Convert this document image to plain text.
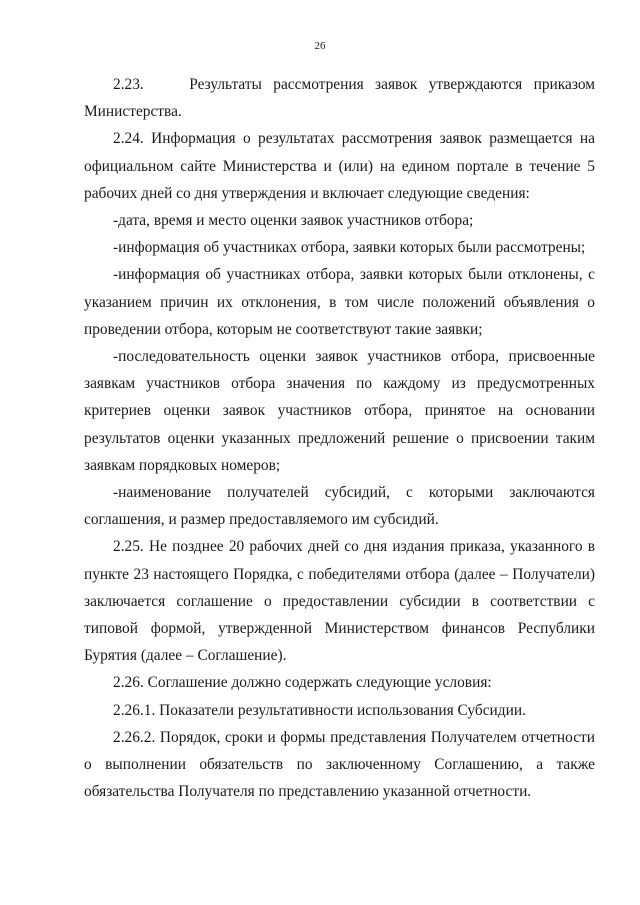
26

2.23.    Результаты рассмотрения заявок утверждаются приказом Министерства.

2.24. Информация о результатах рассмотрения заявок размещается на официальном сайте Министерства и (или) на едином портале в течение 5 рабочих дней со дня утверждения и включает следующие сведения:

-дата, время и место оценки заявок участников отбора;

-информация об участниках отбора, заявки которых были рассмотрены;

-информация об участниках отбора, заявки которых были отклонены, с указанием причин их отклонения, в том числе положений объявления о проведении отбора, которым не соответствуют такие заявки;

-последовательность оценки заявок участников отбора, присвоенные заявкам участников отбора значения по каждому из предусмотренных критериев оценки заявок участников отбора, принятое на основании результатов оценки указанных предложений решение о присвоении таким заявкам порядковых номеров;

-наименование получателей субсидий, с которыми заключаются соглашения, и размер предоставляемого им субсидий.

2.25. Не позднее 20 рабочих дней со дня издания приказа, указанного в пункте 23 настоящего Порядка, с победителями отбора (далее – Получатели) заключается соглашение о предоставлении субсидии в соответствии с типовой формой, утвержденной Министерством финансов Республики Бурятия (далее – Соглашение).

2.26. Соглашение должно содержать следующие условия:

2.26.1. Показатели результативности использования Субсидии.

2.26.2. Порядок, сроки и формы представления Получателем отчетности о выполнении обязательств по заключенному Соглашению, а также обязательства Получателя по представлению указанной отчетности.
